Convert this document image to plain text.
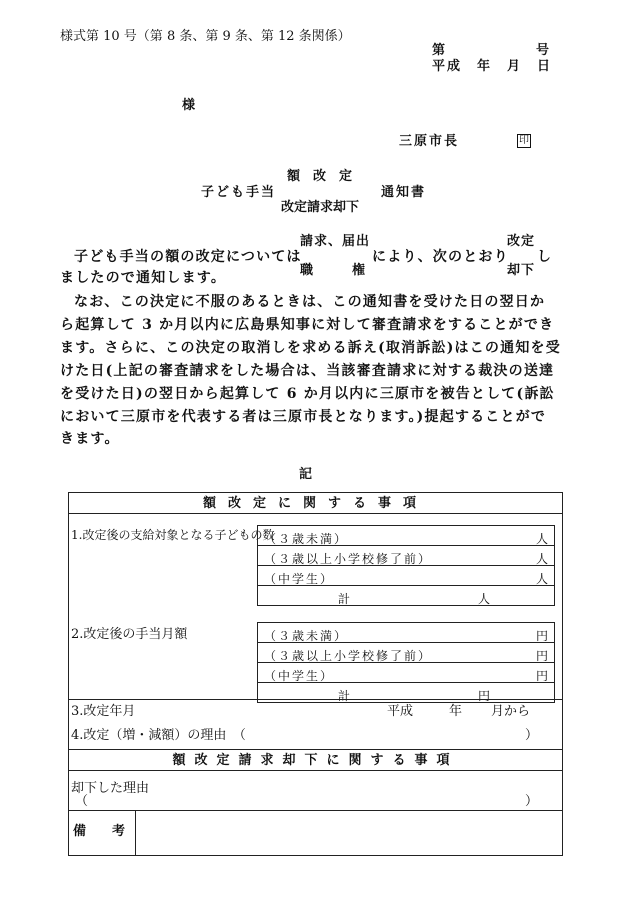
様式第 10 号（第 8 条、第 9 条、第 12 条関係）
第	号
平成　年　月　日
様
三原市長	印
額　改　定
子ども手当	通知書
改定請求却下
請求、届出	改定
子ども手当の額の改定については	により、次のとおり し
職　　　権	却下
ましたので通知します。
なお、この決定に不服のあるときは、この通知書を受けた日の翌日か
ら起算して 3 か月以内に広島県知事に対して審査請求をすることができ
ます。さらに、この決定の取消しを求める訴え(取消訴訟)はこの通知を受
けた日(上記の審査請求をした場合は、当該審査請求に対する裁決の送達
を受けた日)の翌日から起算して 6 か月以内に三原市を被告として(訴訟
において三原市を代表する者は三原市長となります。)提起することがで
きます。
記
額改定に関する事項
1.改定後の支給対象となる子どもの数
（３歳未満）	人
（３歳以上小学校修了前）	人
（中学生）	人
計	人
2.改定後の手当月額	（３歳未満）	円
（３歳以上小学校修了前）	円
（中学生）	円
計	円
3.改定年月	平成	年 月から
4.改定（増・減額）の理由　（	）
額改定請求却下に関する事項
却下した理由
（	）
備　　考
